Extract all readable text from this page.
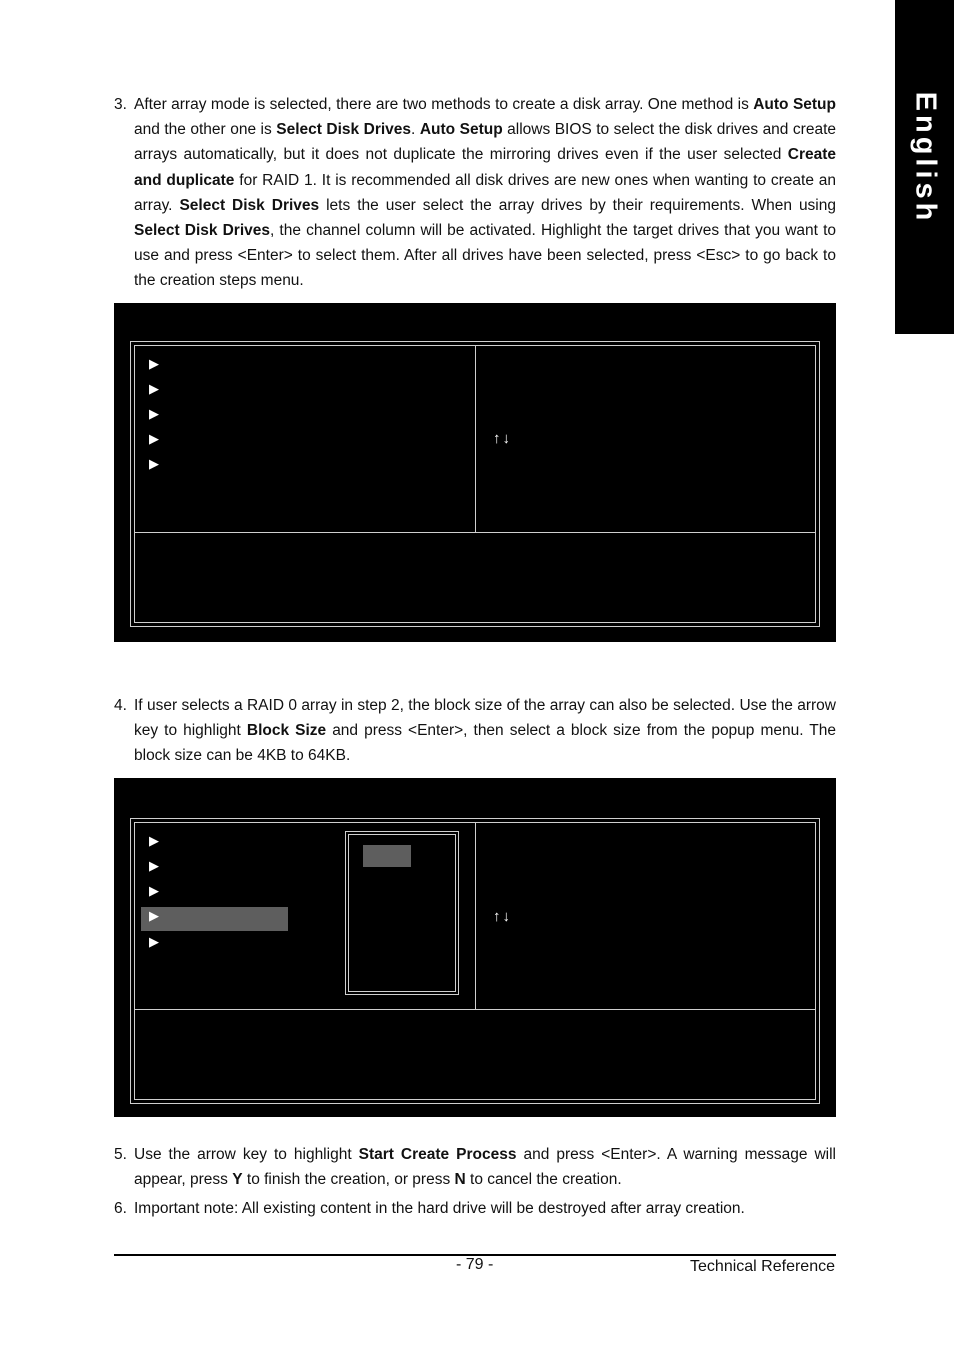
English
3. After array mode is selected, there are two methods to create a disk array. One method is Auto Setup and the other one is Select Disk Drives. Auto Setup allows BIOS to select the disk drives and create arrays automatically, but it does not duplicate the mirroring drives even if the user selected Create and duplicate for RAID 1. It is recommended all disk drives are new ones when wanting to create an array. Select Disk Drives lets the user select the array drives by their requirements. When using Select Disk Drives, the channel column will be activated. Highlight the target drives that you want to use and press <Enter> to select them. After all drives have been selected, press <Esc> to go back to the creation steps menu.
▶
▶
▶
▶
▶
↑↓
4. If user selects a RAID 0 array in step 2, the block size of the array can also be selected. Use the arrow key to highlight Block Size and press <Enter>, then select a block size from the popup menu. The block size can be 4KB to 64KB.
▶
▶
▶
▶
▶
↑↓
5. Use the arrow key to highlight Start Create Process and press <Enter>. A warning message will appear, press Y to finish the creation, or press N to cancel the creation.
6. Important note: All existing content in the hard drive will be destroyed after array creation.
- 79 -	Technical Reference
